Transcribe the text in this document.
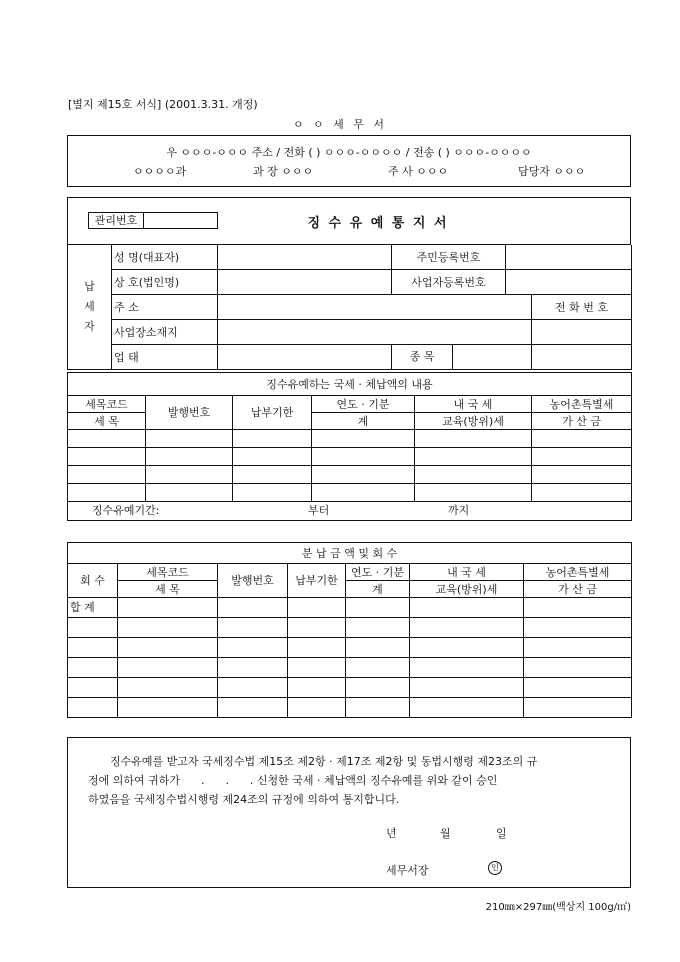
[별지 제15호 서식] (2001.3.31. 개정)
ㅇ ㅇ 세 무 서
우 ㅇㅇㅇ-ㅇㅇㅇ 주소 / 전화 ( ) ㅇㅇㅇ-ㅇㅇㅇㅇ / 전송 ( ) ㅇㅇㅇ-ㅇㅇㅇㅇ
ㅇㅇㅇㅇ과	과 장 ㅇㅇㅇ	주 사 ㅇㅇㅇ	담당자 ㅇㅇㅇ
관리번호	징 수 유 예 통 지 서
납
세
자	성 명(대표자)		주민등록번호		
	상 호(법인명)		사업자등록번호		
	주 소				전 화 번 호
	사업장소재지				
	업 태		종 목		
징수유예하는 국세 · 체납액의 내용					
세목코드	발행번호	납부기한	연도 · 기분	내 국 세	농어촌특별세
세 목			계	교육(방위)세	가 산 금

징수유예기간: 부터 까지					
분 납 금 액 및 회 수						
회 수	세목코드	발행번호	납부기한	연도 · 기분	내 국 세	농어촌특별세
	세 목			계	교육(방위)세	가 산 금
합 계						

징수유예를 받고자 국세징수법 제15조 제2항 · 제17조 제2항 및 동법시행령 제23조의 규
정에 의하여 귀하가      .      .      . 신청한 국세 · 체납액의 징수유예를 위와 같이 승인
하였음을 국세징수법시행령 제24조의 규정에 의하여 통지합니다.
년	월	일
세무서장	인
210㎜×297㎜(백상지 100g/㎡)
